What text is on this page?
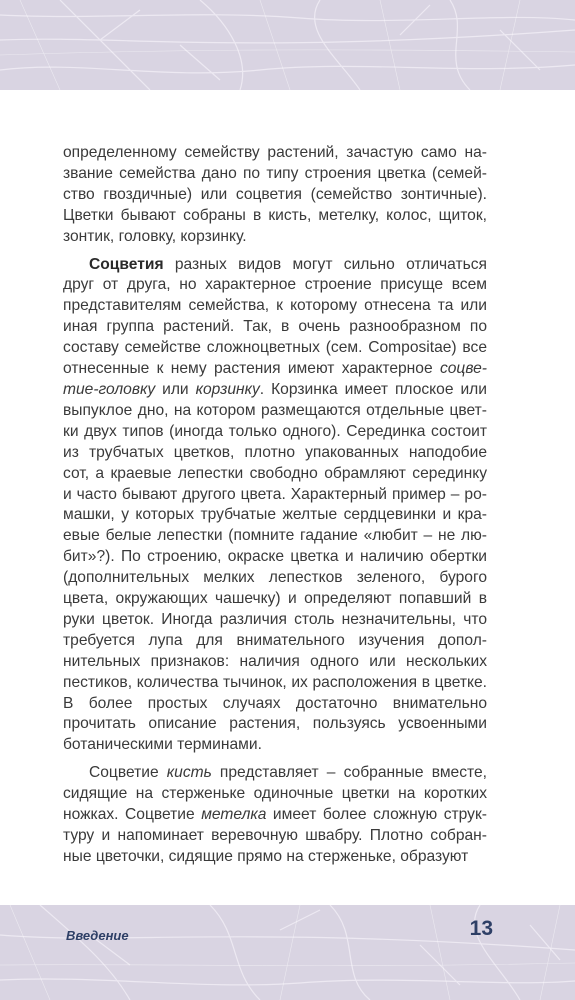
определенному семейству растений, зачастую само название семейства дано по типу строения цветка (семейство гвоздичные) или соцветия (семейство зонтичные). Цветки бывают собраны в кисть, метелку, колос, щиток, зонтик, головку, корзинку.

Соцветия разных видов могут сильно отличаться друг от друга, но характерное строение присуще всем представителям семейства, к которому отнесена та или иная группа растений. Так, в очень разнообразном по составу семействе сложноцветных (сем. Compositae) все отнесенные к нему растения имеют характерное соцветие-головку или корзинку. Корзинка имеет плоское или выпуклое дно, на котором размещаются отдельные цветки двух типов (иногда только одного). Серединка состоит из трубчатых цветков, плотно упакованных наподобие сот, а краевые лепестки свободно обрамляют серединку и часто бывают другого цвета. Характерный пример – ромашки, у которых трубчатые желтые сердцевинки и краевые белые лепестки (помните гадание «любит – не любит»?). По строению, окраске цветка и наличию обертки (дополнительных мелких лепестков зеленого, бурого цвета, окружающих чашечку) и определяют попавший в руки цветок. Иногда различия столь незначительны, что требуется лупа для внимательного изучения дополнительных признаков: наличия одного или нескольких пестиков, количества тычинок, их расположения в цветке. В более простых случаях достаточно внимательно прочитать описание растения, пользуясь усвоенными ботаническими терминами.

Соцветие кисть представляет – собранные вместе, сидящие на стерженьке одиночные цветки на коротких ножках. Соцветие метелка имеет более сложную структуру и напоминает веревочную швабру. Плотно собранные цветочки, сидящие прямо на стерженьке, образуют

Введение	13
